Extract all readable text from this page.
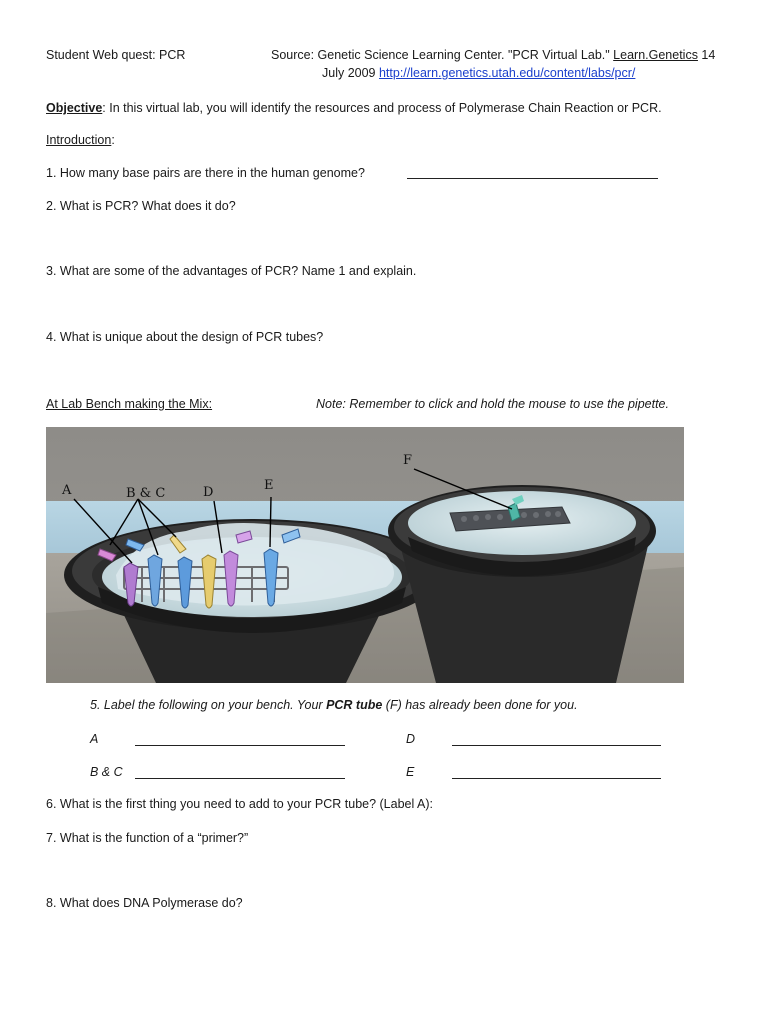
Student Web quest: PCR	Source: Genetic Science Learning Center. "PCR Virtual Lab." Learn.Genetics 14
July 2009 http://learn.genetics.utah.edu/content/labs/pcr/
Objective: In this virtual lab, you will identify the resources and process of Polymerase Chain Reaction or PCR.
Introduction:
1. How many base pairs are there in the human genome?
2. What is PCR? What does it do?
3. What are some of the advantages of PCR? Name 1 and explain.
4. What is unique about the design of PCR tubes?
At Lab Bench making the Mix:	Note: Remember to click and hold the mouse to use the pipette.
A	B & C	D	E
F
5. Label the following on your bench. Your PCR tube (F) has already been done for you.
A	D
B & C	E
6. What is the first thing you need to add to your PCR tube? (Label A):
7. What is the function of a “primer?”
8. What does DNA Polymerase do?
